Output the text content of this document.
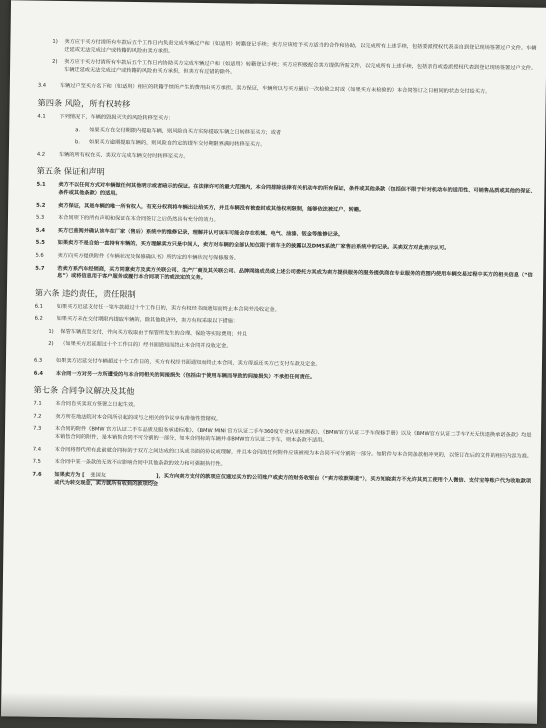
1)	卖方应于买方付清所有车款后五个工作日内负责完成车辆过户和（如适用）转籍登记手续；卖方应该给予买方适当的合作和协助，以完成所有上述手续，包括委派授权代表亲自到登记现场签署过户文件。车辆迁延或无法完成过户或转籍的风险由卖方承担。
2)	卖方应于买方付清所有车款后五个工作日内协助买方完成车辆过户和（如适用）转籍登记手续；买方应积极配合卖方提供所需文件，以完成所有上述手续，包括亲自或委派授权代表到登记现场签署过户文件。车辆迁延或无法完成过户或转籍的风险由买方承担，但卖方有过错的除外。
3.4	车辆过户至买方名下和（如适用）相应的转籍手续所产生的费用由买方承担。卖方保证，车辆所以与买方最后一次检验之时或（如果买方未检验的）本合同签订之日相同的状态交付给买方。

第四条 风险，所有权转移

4.1	下列情况下，车辆的毁损灭失的风险转移至买方：
a.	如果买方在交付期限内提取车辆，则风险自买方实际提取车辆之日转移至买方；或者
b.	如果买方逾期提取车辆的，则风险自约定的提车交付期限界满时转移至买方。
4.2	车辆的所有权在买、卖双方完成车辆交付时转移至买方。

第五条 保证和声明

5.1	卖方不以任何方式对车辆做任何其他明示或者暗示的保证。在法律许可的最大范围内，本合同排除法律有关机动车的所有保证，条件或其他条款（包括但不限于针对机动车的适用性、可销售品质或其他的保证、条件或其他条款）的适用。
5.2	卖方保证，其是车辆的唯一所有权人，有充分权利将车辆出让给买方，并且车辆没有被查封或其他权利限制，能够依法被过户、转籍。
5.3	本合同项下的所有声明和保证在本合同签订之后仍然具有充分的效力。
5.4	买方已查阅并确认该车在厂家（售后）系统中的维修记录，理解并认可该车可能会存在机械、电气、油漆、钣金等维修记录。
5.5	如果卖方不是自始一直持有车辆的，买方理解卖方只是中间人，卖方对车辆的全部认知仅限于前车主的披露以及DMS系统厂家售后系统中的记录。买卖双方对此表示认可。
5.6	卖方向买方提供附件《车辆状况及保修确认书》所约定的车辆状况与保修服务。
5.7	若卖方系汽车经销商，买方同意卖方及卖方关联公司、生产厂商及其关联公司、品牌网络成员或上述公司委托方其成为卖方提供服务的服务提供商在专业服务的范围内使用车辆交易过程中买方的相关信息（“信息”）或将信息用于客户服务或履行本合同项下的或法定的义务。

第六条 违约责任，责任限制

6.1	如果买方迟延支付任一笔车款超过十个工作日的，卖方有权经书面通知而终止本合同并没收定金。
6.2	如果买方未在交付期限内提取车辆的，除其他救济外，卖方有权采取以下措施：
1)	保管车辆直至交付，并向买方收取由于保管所发生的合理、保险等实际费用；并且
2)	（如果买方迟延超过十个工作日的）经书面通知而终止本合同并没收定金。
6.3	如果卖方迟延交付车辆超过十个工作日的，买方有权经书面通知而终止本合同，卖方得返还买方已支付车款及定金。
6.4	本合同一方对另一方所遭受的与本合同相关的间接损失（包括由于使用车辆而导致的间接损失）不承担任何责任。

第七条 合同争议解决及其他

7.1	本合同自买卖双方签署之日起生效。
7.2	卖方所在地法院对本合同所引起的或与之相关的争议享有排他性管辖权。
7.3	本合同的附件《BMW 官方认证二手车品质及服务承诺标准》、《BMW MINI 官方认证二手车360度专业认证检测表》、《BMW官方认证二手车保修手册》以及《BMW官方认证二手车7天无忧退换承诺条款》均是本销售合同的附件，是本销售合同不可分割的一部分，如本合同标的车辆并非BMW官方认证二手车，则本条款不适用。
7.4	本合同将替代所有此前就合同标的于双方之间达成的口头或书面的协议或理解，并且本合同的任何附件应该被视为本合同不可分割的一部分。如附件与本合同条款相冲突的，以签订在后的文件的相应内容为准。
7.5	本合同中某一条款的无效不应影响合同中其他条款的效力和可强制执行性。
7.6	如果卖方为 [ 张国友	]，买方向卖方支付的款项应仅通过买方的公司账户或卖方的财务收银台（“卖方收款渠道”），买方知晓卖方不允许其员工使用个人微信、支付宝等账户代为收取款项或代为转交现金，卖方就所有收到的款项均会
